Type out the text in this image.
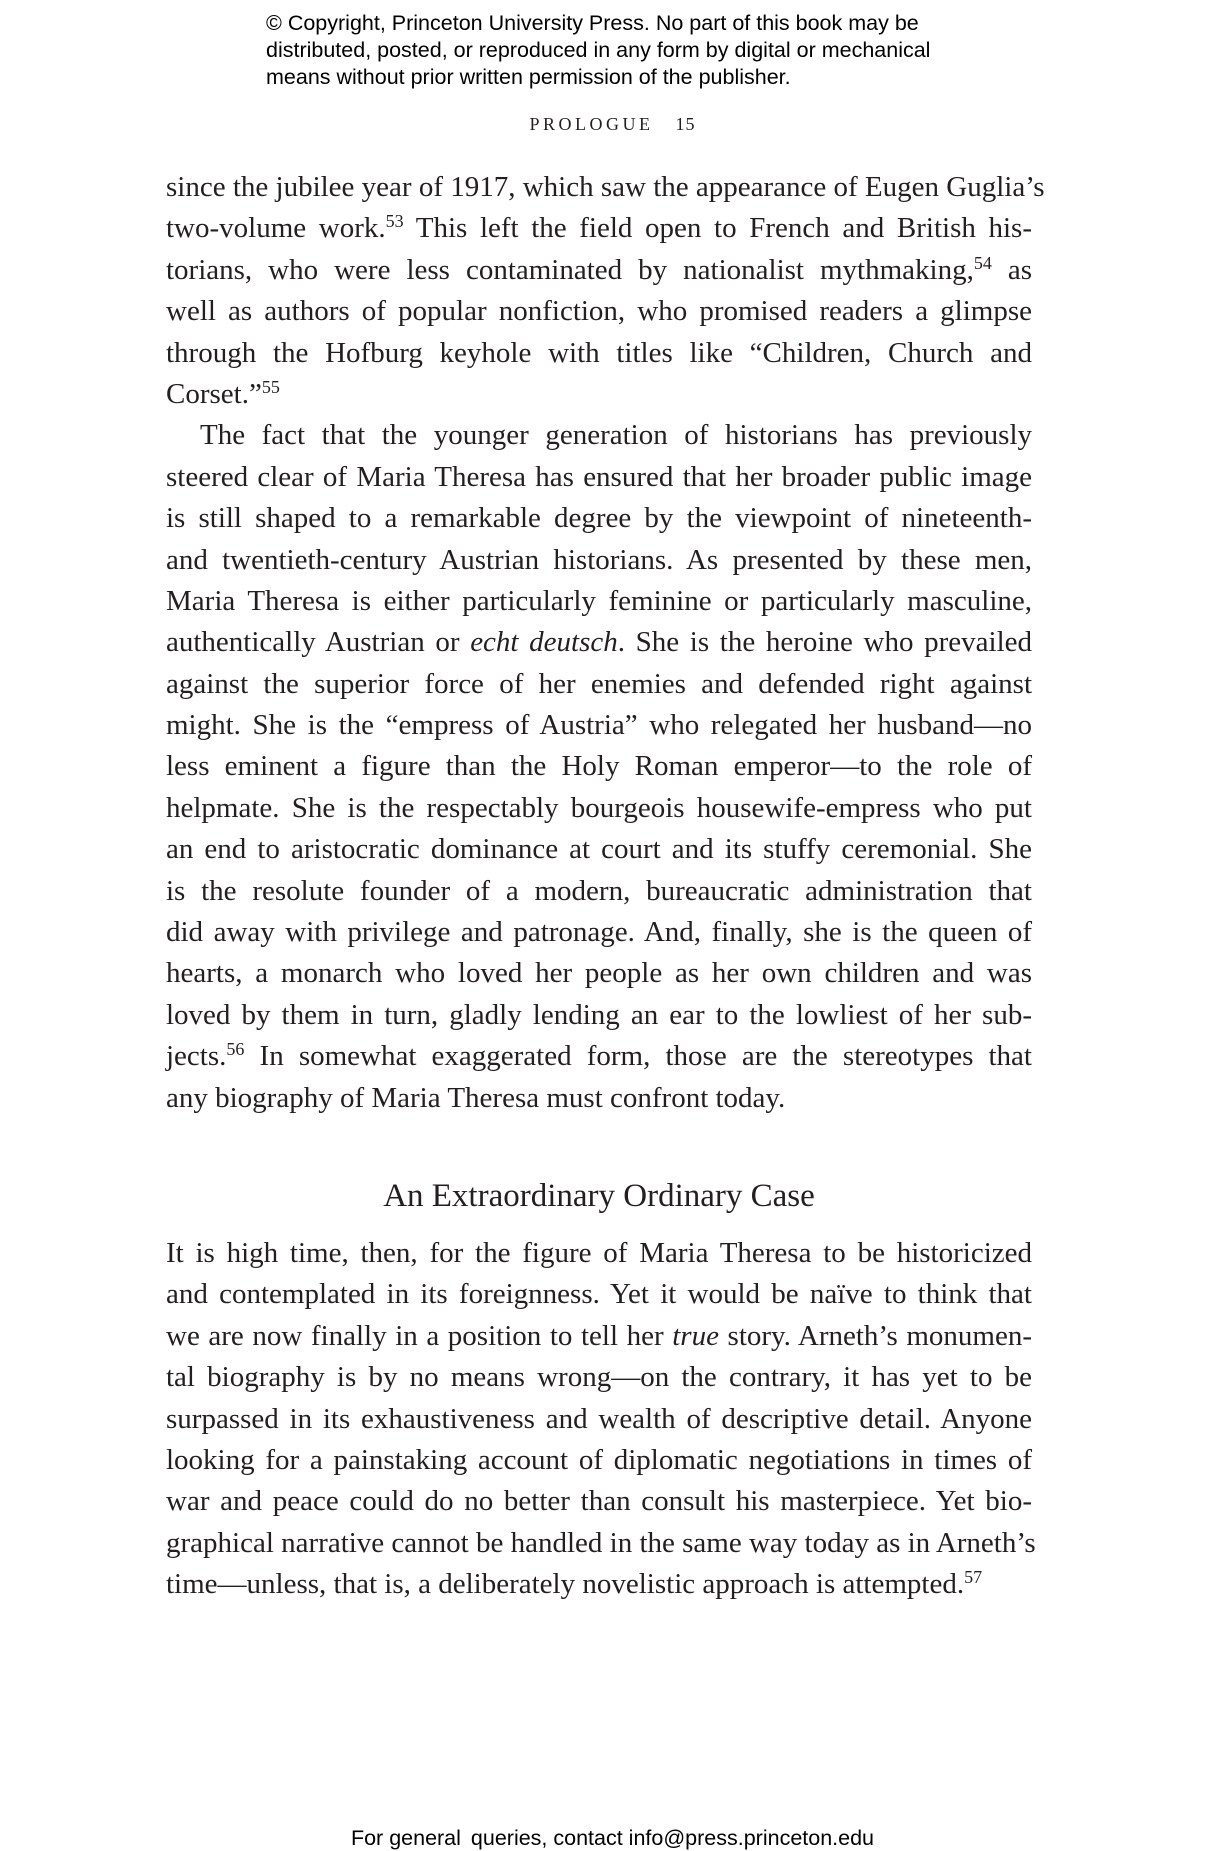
© Copyright, Princeton University Press. No part of this book may be
distributed, posted, or reproduced in any form by digital or mechanical
means without prior written permission of the publisher.
PROLOGUE 15
since the jubilee year of 1917, which saw the appearance of Eugen Guglia’s
two-volume work.$^{53}$ This left the field open to French and British his-
torians, who were less contaminated by nationalist mythmaking,$^{54}$ as
well as authors of popular nonfiction, who promised readers a glimpse
through the Hofburg keyhole with titles like “Children, Church and
Corset.”$^{55}$
The fact that the younger generation of historians has previously
steered clear of Maria Theresa has ensured that her broader public image
is still shaped to a remarkable degree by the viewpoint of nineteenth-
and twentieth-century Austrian historians. As presented by these men,
Maria Theresa is either particularly feminine or particularly masculine,
authentically Austrian or echt deutsch. She is the heroine who prevailed
against the superior force of her enemies and defended right against
might. She is the “empress of Austria” who relegated her husband—no
less eminent a figure than the Holy Roman emperor—to the role of
helpmate. She is the respectably bourgeois housewife-empress who put
an end to aristocratic dominance at court and its stuffy ceremonial. She
is the resolute founder of a modern, bureaucratic administration that
did away with privilege and patronage. And, finally, she is the queen of
hearts, a monarch who loved her people as her own children and was
loved by them in turn, gladly lending an ear to the lowliest of her sub-
jects.$^{56}$ In somewhat exaggerated form, those are the stereotypes that
any biography of Maria Theresa must confront today.
An Extraordinary Ordinary Case
It is high time, then, for the figure of Maria Theresa to be historicized
and contemplated in its foreignness. Yet it would be naïve to think that
we are now finally in a position to tell her true story. Arneth’s monumen-
tal biography is by no means wrong—on the contrary, it has yet to be
surpassed in its exhaustiveness and wealth of descriptive detail. Anyone
looking for a painstaking account of diplomatic negotiations in times of
war and peace could do no better than consult his masterpiece. Yet bio-
graphical narrative cannot be handled in the same way today as in Arneth’s
time—unless, that is, a deliberately novelistic approach is attempted.$^{57}$
For general queries, contact info@press.princeton.edu
